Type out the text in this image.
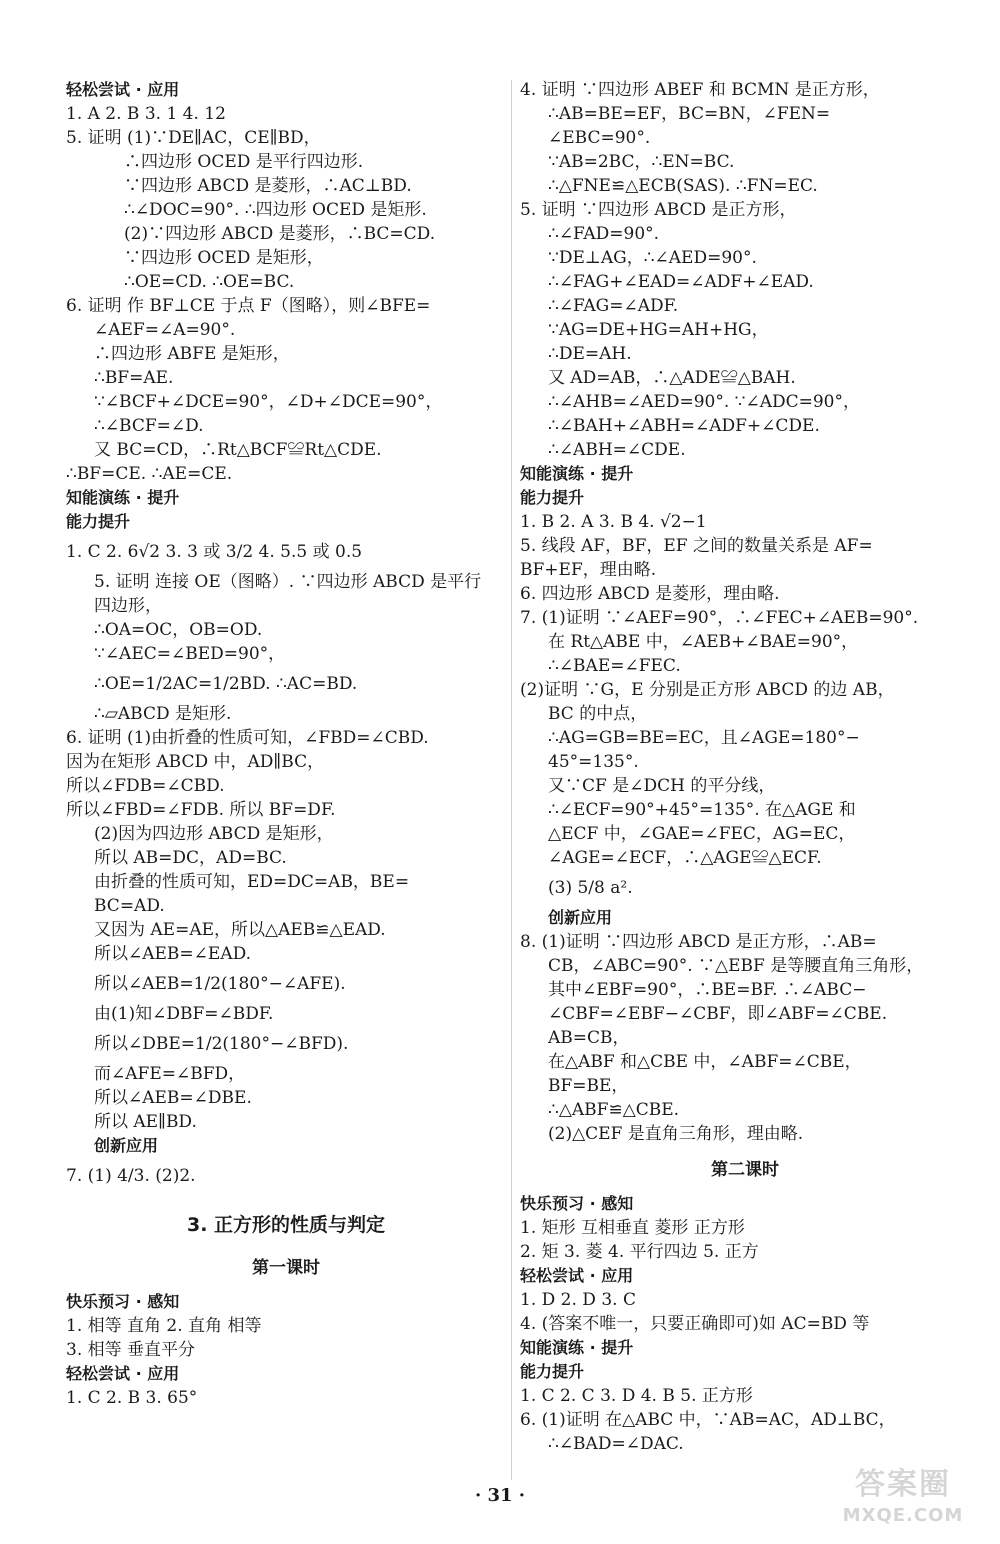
轻松尝试 · 应用
1. A 2. B 3. 1 4. 12
5. 证明 (1)∵DE∥AC，CE∥BD，
∴四边形 OCED 是平行四边形.
∵四边形 ABCD 是菱形，∴AC⊥BD.
∴∠DOC=90°. ∴四边形 OCED 是矩形.
(2)∵四边形 ABCD 是菱形，∴BC=CD.
∵四边形 OCED 是矩形，
∴OE=CD. ∴OE=BC.
6. 证明 作 BF⊥CE 于点 F（图略），则∠BFE=
∠AEF=∠A=90°.
∴四边形 ABFE 是矩形，
∴BF=AE.
∵∠BCF+∠DCE=90°，∠D+∠DCE=90°，
∴∠BCF=∠D.
又 BC=CD，∴Rt△BCF≌Rt△CDE.
∴BF=CE. ∴AE=CE.
知能演练 · 提升
能力提升
1. C 2. 6√2 3. 3 或 3/2 4. 5.5 或 0.5
5. 证明 连接 OE（图略）. ∵四边形 ABCD 是平行
四边形，
∴OA=OC，OB=OD.
∵∠AEC=∠BED=90°，
∴OE=1/2AC=1/2BD. ∴AC=BD.
∴▱ABCD 是矩形.
6. 证明 (1)由折叠的性质可知，∠FBD=∠CBD.
因为在矩形 ABCD 中，AD∥BC，
所以∠FDB=∠CBD.
所以∠FBD=∠FDB. 所以 BF=DF.
(2)因为四边形 ABCD 是矩形，
所以 AB=DC，AD=BC.
由折叠的性质可知，ED=DC=AB，BE=
BC=AD.
又因为 AE=AE，所以△AEB≌△EAD.
所以∠AEB=∠EAD.
所以∠AEB=1/2(180°−∠AFE).
由(1)知∠DBF=∠BDF.
所以∠DBE=1/2(180°−∠BFD).
而∠AFE=∠BFD，
所以∠AEB=∠DBE.
所以 AE∥BD.
创新应用
7. (1) 4/3. (2)2.
3. 正方形的性质与判定
第一课时
快乐预习 · 感知
1. 相等 直角 2. 直角 相等
3. 相等 垂直平分
轻松尝试 · 应用
1. C 2. B 3. 65°
4. 证明 ∵四边形 ABEF 和 BCMN 是正方形，
∴AB=BE=EF，BC=BN，∠FEN=
∠EBC=90°.
∵AB=2BC，∴EN=BC.
∴△FNE≌△ECB(SAS). ∴FN=EC.
5. 证明 ∵四边形 ABCD 是正方形，
∴∠FAD=90°.
∵DE⊥AG，∴∠AED=90°.
∴∠FAG+∠EAD=∠ADF+∠EAD.
∴∠FAG=∠ADF.
∵AG=DE+HG=AH+HG，
∴DE=AH.
又 AD=AB，∴△ADE≌△BAH.
∴∠AHB=∠AED=90°. ∵∠ADC=90°，
∴∠BAH+∠ABH=∠ADF+∠CDE.
∴∠ABH=∠CDE.
知能演练 · 提升
能力提升
1. B 2. A 3. B 4. √2−1
5. 线段 AF，BF，EF 之间的数量关系是 AF=
BF+EF，理由略.
6. 四边形 ABCD 是菱形，理由略.
7. (1)证明 ∵∠AEF=90°，∴∠FEC+∠AEB=90°.
在 Rt△ABE 中，∠AEB+∠BAE=90°，
∴∠BAE=∠FEC.
(2)证明 ∵G，E 分别是正方形 ABCD 的边 AB，
BC 的中点，
∴AG=GB=BE=EC，且∠AGE=180°−
45°=135°.
又∵CF 是∠DCH 的平分线，
∴∠ECF=90°+45°=135°. 在△AGE 和
△ECF 中，∠GAE=∠FEC，AG=EC，
∠AGE=∠ECF，∴△AGE≌△ECF.
(3) 5/8 a².
创新应用
8. (1)证明 ∵四边形 ABCD 是正方形，∴AB=
CB，∠ABC=90°. ∵△EBF 是等腰直角三角形，
其中∠EBF=90°，∴BE=BF. ∴∠ABC−
∠CBF=∠EBF−∠CBF，即∠ABF=∠CBE.
AB=CB，
在△ABF 和△CBE 中，∠ABF=∠CBE，
BF=BE，
∴△ABF≌△CBE.
(2)△CEF 是直角三角形，理由略.
第二课时
快乐预习 · 感知
1. 矩形 互相垂直 菱形 正方形
2. 矩 3. 菱 4. 平行四边 5. 正方
轻松尝试 · 应用
1. D 2. D 3. C
4. (答案不唯一，只要正确即可)如 AC=BD 等
知能演练 · 提升
能力提升
1. C 2. C 3. D 4. B 5. 正方形
6. (1)证明 在△ABC 中，∵AB=AC，AD⊥BC，
∴∠BAD=∠DAC.
· 31 ·	答案圈
MXQE.COM
